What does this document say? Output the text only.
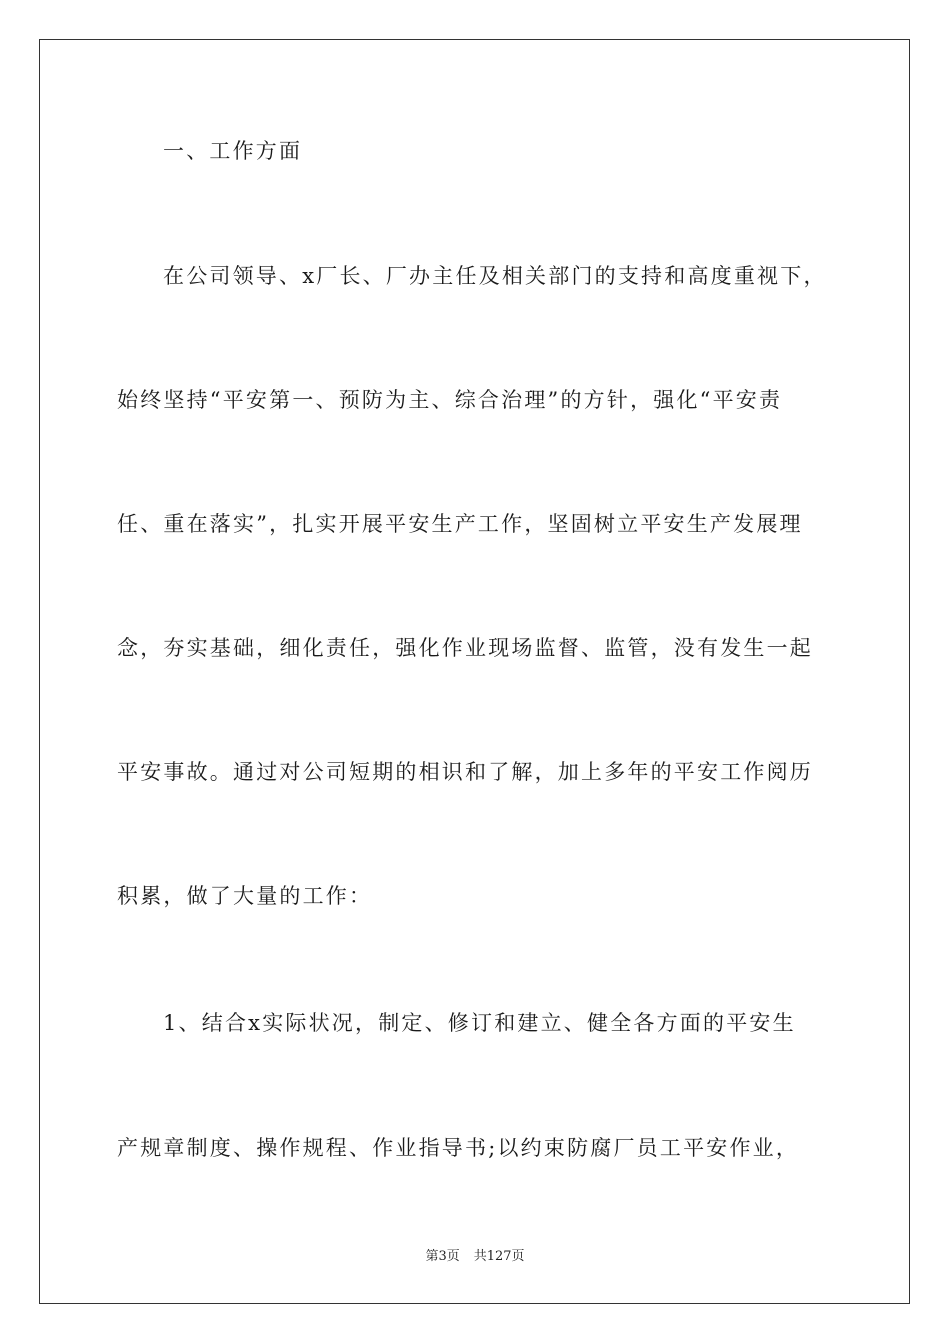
一、工作方面
在公司领导、x厂长、厂办主任及相关部门的支持和高度重视下，
始终坚持“平安第一、预防为主、综合治理”的方针，强化“平安责
任、重在落实”，扎实开展平安生产工作，坚固树立平安生产发展理
念，夯实基础，细化责任，强化作业现场监督、监管，没有发生一起
平安事故。通过对公司短期的相识和了解，加上多年的平安工作阅历
积累，做了大量的工作：
1、结合x实际状况，制定、修订和建立、健全各方面的平安生
产规章制度、操作规程、作业指导书;以约束防腐厂员工平安作业，
第3页 共127页
